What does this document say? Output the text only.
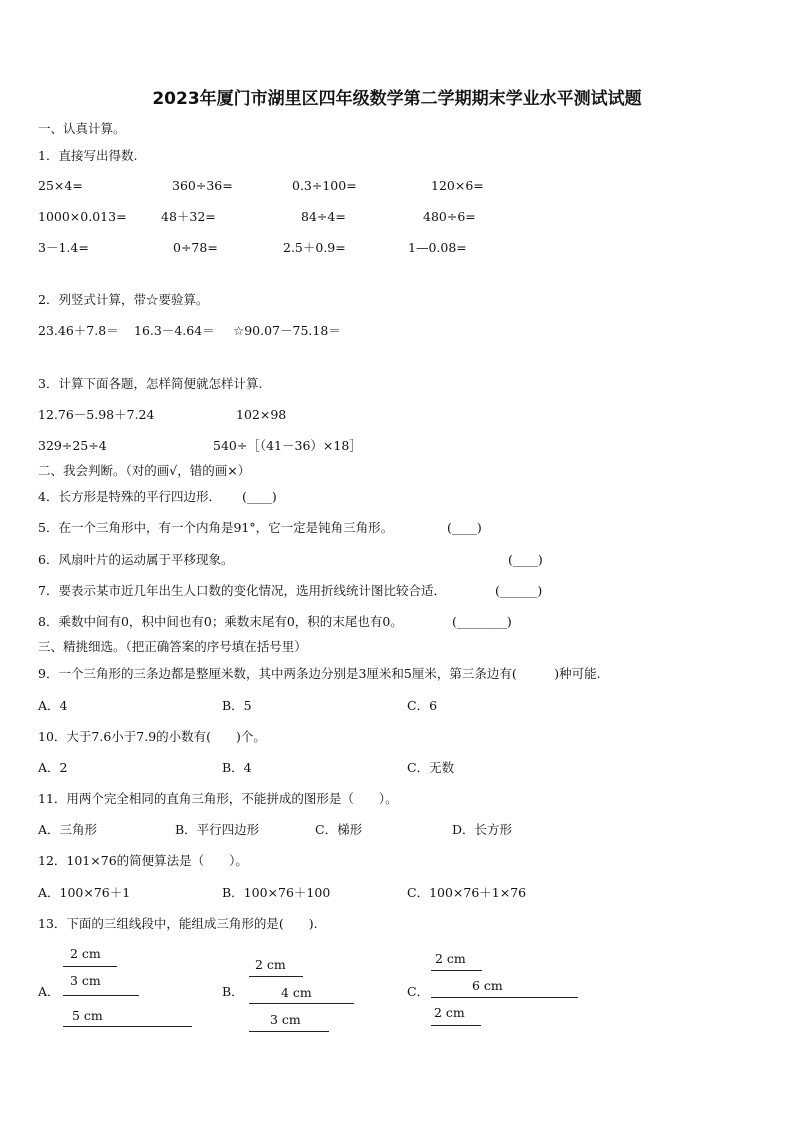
2023年厦门市湖里区四年级数学第二学期期末学业水平测试试题
一、认真计算。
1．直接写出得数.
25×4=	360÷36=	0.3÷100=	120×6=
1000×0.013=	48＋32=	84÷4=	480÷6=
3－1.4=	0÷78=	2.5＋0.9=	1—0.08=
2．列竖式计算，带☆要验算。
23.46＋7.8＝ 16.3－4.64＝ ☆90.07－75.18＝
3．计算下面各题，怎样简便就怎样计算.
12.76－5.98＋7.24	102×98
329÷25÷4	540÷［（41－36）×18］
二、我会判断。（对的画√，错的画×）
4．长方形是特殊的平行四边形． (____)
5．在一个三角形中，有一个内角是91°，它一定是钝角三角形。	(____)
6．风扇叶片的运动属于平移现象。	(____)
7．要表示某市近几年出生人口数的变化情况，选用折线统计图比较合适．	(______)
8．乘数中间有0，积中间也有0；乘数末尾有0，积的末尾也有0。	(________)
三、精挑细选。（把正确答案的序号填在括号里）
9．一个三角形的三条边都是整厘米数，其中两条边分别是3厘米和5厘米，第三条边有(　　　)种可能.
A．4	B．5	C．6
10．大于7.6小于7.9的小数有(　　)个。
A．2	B．4	C．无数
11．用两个完全相同的直角三角形，不能拼成的图形是（　　）。
A．三角形	B．平行四边形	C．梯形	D．长方形
12．101×76的简便算法是（　　）。
A．100×76＋1	B．100×76＋100	C．100×76＋1×76
13．下面的三组线段中，能组成三角形的是(　　).
A．
2 cm
3 cm
5 cm
B．
2 cm
4 cm
3 cm
C．
2 cm
6 cm
2 cm
